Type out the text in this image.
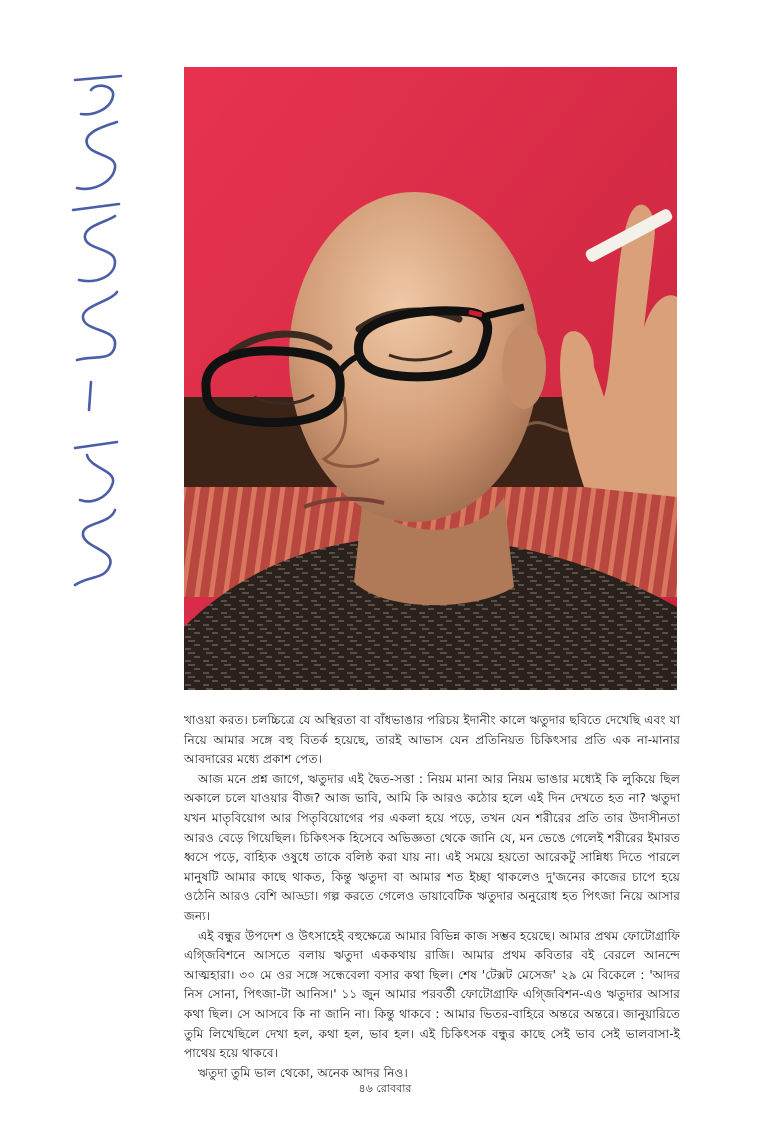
খাওয়া করত। চলচ্চিত্রে যে অস্থিরতা বা বাঁধভাঙার পরিচয় ইদানীং কালে ঋতুদার ছবিতে দেখেছি এবং যা নিয়ে আমার সঙ্গে বহু বিতর্ক হয়েছে, তারই আভাস যেন প্রতিনিয়ত চিকিৎসার প্রতি এক না-মানার আবদারের মধ্যে প্রকাশ পেত।

আজ মনে প্রশ্ন জাগে, ঋতুদার এই দ্বৈত-সত্তা : নিয়ম মানা আর নিয়ম ভাঙার মধ্যেই কি লুকিয়ে ছিল অকালে চলে যাওয়ার বীজ? আজ ভাবি, আমি কি আরও কঠোর হলে এই দিন দেখতে হত না? ঋতুদা যখন মাতৃবিয়োগ আর পিতৃবিয়োগের পর একলা হয়ে পড়ে, তখন যেন শরীরের প্রতি তার উদাসীনতা আরও বেড়ে গিয়েছিল। চিকিৎসক হিসেবে অভিজ্ঞতা থেকে জানি যে, মন ভেঙে গেলেই শরীরের ইমারত ধ্বসে পড়ে, বাহ্যিক ওষুধে তাকে বলিষ্ঠ করা যায় না। এই সময়ে হয়তো আরেকটু সান্নিধ্য দিতে পারলে মানুষটি আমার কাছে থাকত, কিন্তু ঋতুদা বা আমার শত ইচ্ছা থাকলেও দু'জনের কাজের চাপে হয়ে ওঠেনি আরও বেশি আড্ডা। গল্প করতে গেলেও ডায়াবেটিক ঋতুদার অনুরোধ হত পিৎজা নিয়ে আসার জন্য।

এই বন্ধুর উপদেশ ও উৎসাহেই বহুক্ষেত্রে আমার বিভিন্ন কাজ সম্ভব হয়েছে। আমার প্রথম ফোটোগ্রাফি এগ্জিবিশনে আসতে বলায় ঋতুদা এককথায় রাজি। আমার প্রথম কবিতার বই বেরলে আনন্দে আত্মহারা। ৩০ মে ওর সঙ্গে সন্ধেবেলা বসার কথা ছিল। শেষ 'টেক্সট মেসেজ' ২৯ মে বিকেলে : 'আদর নিস সোনা, পিৎজা-টা আনিস।' ১১ জুন আমার পরবর্তী ফোটোগ্রাফি এগ্জিবিশন-এও ঋতুদার আসার কথা ছিল। সে আসবে কি না জানি না। কিন্তু থাকবে : আমার ভিতর-বাহিরে অন্তরে অন্তরে। জানুয়ারিতে তুমি লিখেছিলে দেখা হল, কথা হল, ভাব হল। এই চিকিৎসক বন্ধুর কাছে সেই ভাব সেই ভালবাসা-ই পাথেয় হয়ে থাকবে।

ঋতুদা তুমি ভাল থেকো, অনেক আদর নিও।

৪৬ রোববার
